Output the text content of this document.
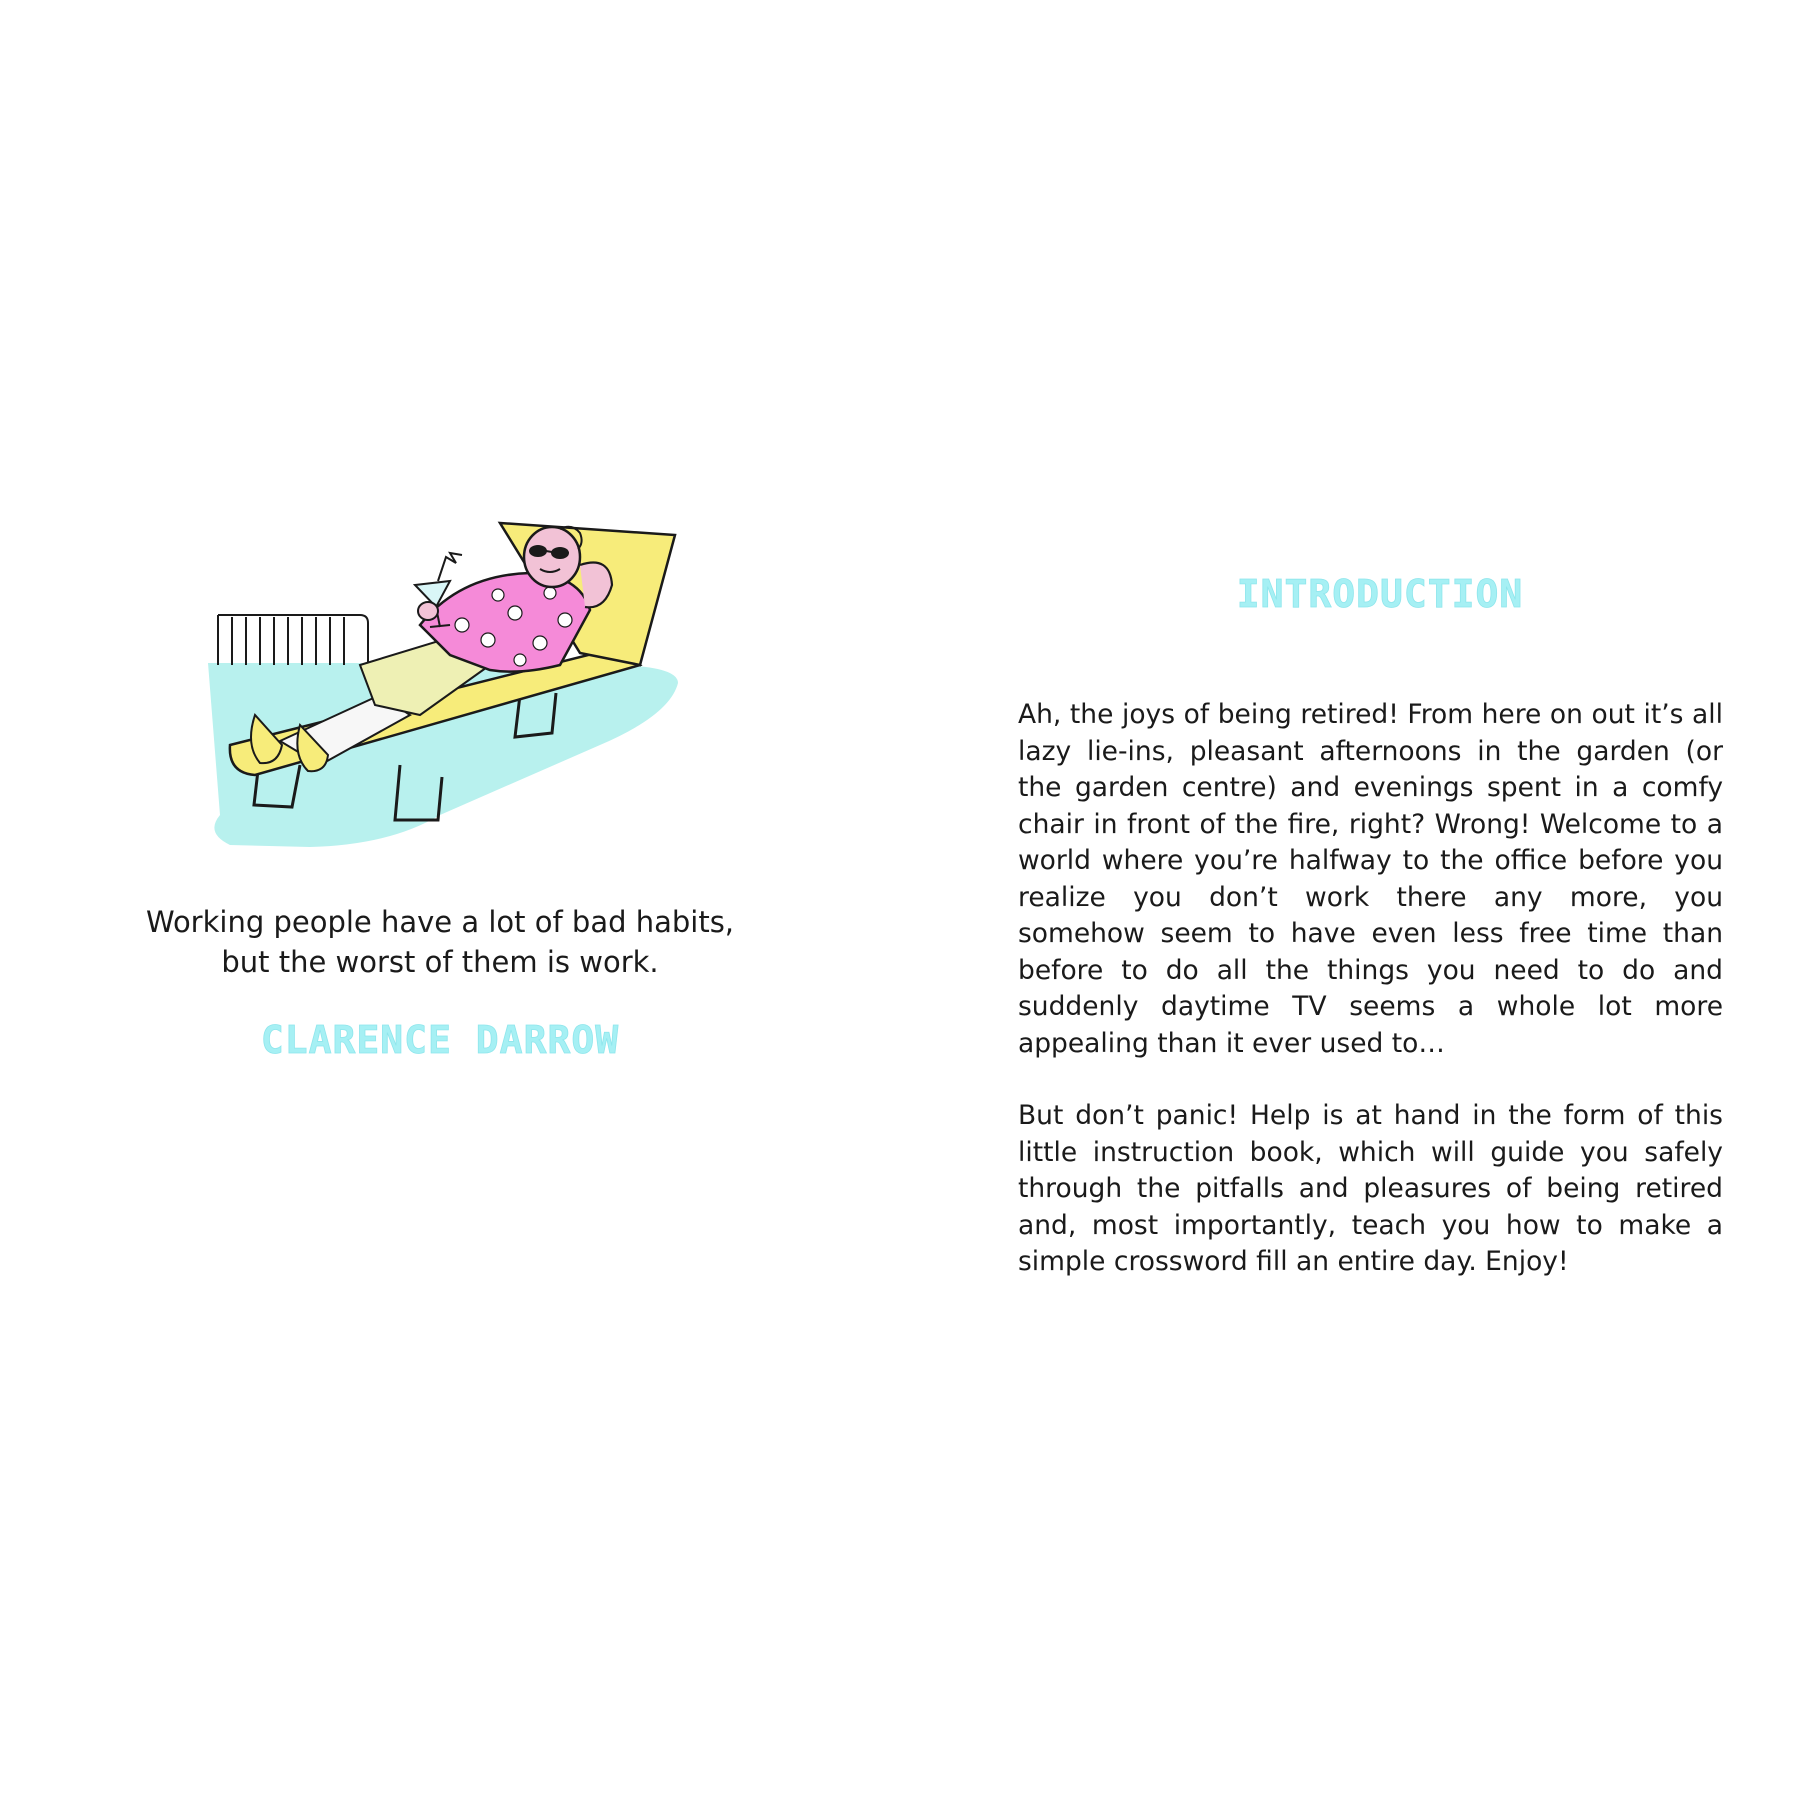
Working people have a lot of bad habits,
but the worst of them is work.
CLARENCE DARROW
INTRODUCTION

Ah, the joys of being retired! From here on out it’s all lazy lie-ins, pleasant afternoons in the garden (or the garden centre) and evenings spent in a comfy chair in front of the fire, right? Wrong! Welcome to a world where you’re halfway to the office before you realize you don’t work there any more, you somehow seem to have even less free time than before to do all the things you need to do and suddenly daytime TV seems a whole lot more appealing than it ever used to…

But don’t panic! Help is at hand in the form of this little instruction book, which will guide you safely through the pitfalls and pleasures of being retired and, most importantly, teach you how to make a simple crossword fill an entire day. Enjoy!
